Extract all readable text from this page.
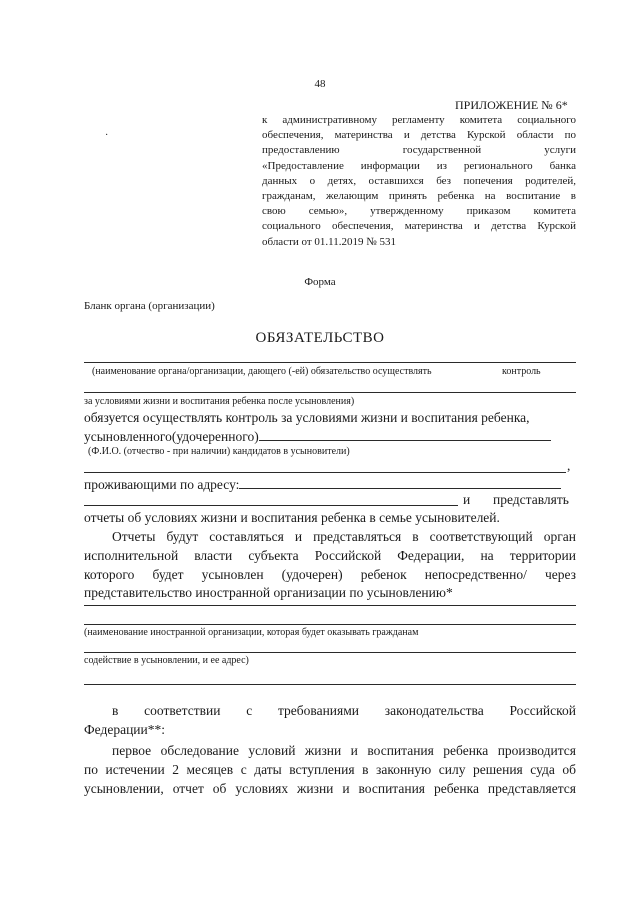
48
·
ПРИЛОЖЕНИЕ № 6*
к административному регламенту комитета социального
обеспечения, материнства и детства Курской области по
предоставлению государственной услуги
«Предоставление информации из регионального банка
данных о детях, оставшихся без попечения родителей,
гражданам, желающим принять ребенка на воспитание в
свою семью», утвержденному приказом комитета
социального обеспечения, материнства и детства Курской
области от 01.11.2019 № 531
Форма
Бланк органа (организации)
ОБЯЗАТЕЛЬСТВО
(наименование органа/организации, дающего (-ей) обязательство осуществлять	контроль
за условиями жизни и воспитания ребенка после усыновления)
обязуется осуществлять контроль за условиями жизни и воспитания ребенка,
усыновленного(удочеренного)
(Ф.И.О. (отчество - при наличии) кандидатов в усыновители)
,
проживающими по адресу:
и представлять
отчеты об условиях жизни и воспитания ребенка в семье усыновителей.
Отчеты будут составляться и представляться в соответствующий орган
исполнительной власти субъекта Российской Федерации, на территории
которого будет усыновлен (удочерен) ребенок непосредственно/ через
представительство иностранной организации по усыновлению*
(наименование иностранной организации, которая будет оказывать гражданам
содействие в усыновлении, и ее адрес)
в соответствии с требованиями законодательства Российской
Федерации**:
первое обследование условий жизни и воспитания ребенка производится
по истечении 2 месяцев с даты вступления в законную силу решения суда об
усыновлении, отчет об условиях жизни и воспитания ребенка представляется
